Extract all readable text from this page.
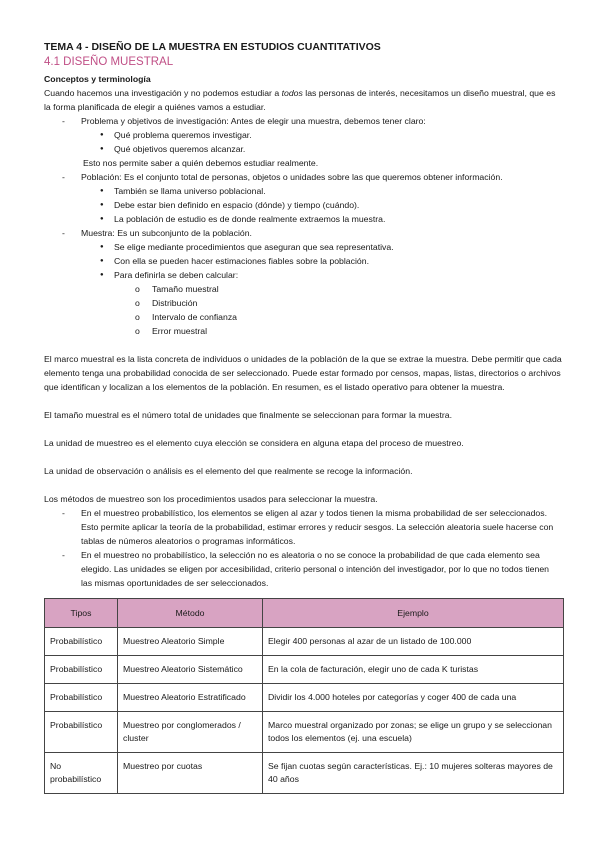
TEMA 4 - DISEÑO DE LA MUESTRA EN ESTUDIOS CUANTITATIVOS

4.1 DISEÑO MUESTRAL

Conceptos y terminología

Cuando hacemos una investigación y no podemos estudiar a todos las personas de interés, necesitamos un diseño muestral, que es la forma planificada de elegir a quiénes vamos a estudiar.

- Problema y objetivos de investigación: Antes de elegir una muestra, debemos tener claro:
● Qué problema queremos investigar.
● Qué objetivos queremos alcanzar.
Esto nos permite saber a quién debemos estudiar realmente.
- Población: Es el conjunto total de personas, objetos o unidades sobre las que queremos obtener información.
● También se llama universo poblacional.
● Debe estar bien definido en espacio (dónde) y tiempo (cuándo).
● La población de estudio es de donde realmente extraemos la muestra.
- Muestra: Es un subconjunto de la población.
● Se elige mediante procedimientos que aseguran que sea representativa.
● Con ella se pueden hacer estimaciones fiables sobre la población.
● Para definirla se deben calcular:
o Tamaño muestral
o Distribución
o Intervalo de confianza
o Error muestral

El marco muestral es la lista concreta de individuos o unidades de la población de la que se extrae la muestra. Debe permitir que cada elemento tenga una probabilidad conocida de ser seleccionado. Puede estar formado por censos, mapas, listas, directorios o archivos que identifican y localizan a los elementos de la población. En resumen, es el listado operativo para obtener la muestra.

El tamaño muestral es el número total de unidades que finalmente se seleccionan para formar la muestra.

La unidad de muestreo es el elemento cuya elección se considera en alguna etapa del proceso de muestreo.

La unidad de observación o análisis es el elemento del que realmente se recoge la información.

Los métodos de muestreo son los procedimientos usados para seleccionar la muestra.

- En el muestreo probabilístico, los elementos se eligen al azar y todos tienen la misma probabilidad de ser seleccionados. Esto permite aplicar la teoría de la probabilidad, estimar errores y reducir sesgos. La selección aleatoria suele hacerse con tablas de números aleatorios o programas informáticos.
- En el muestreo no probabilístico, la selección no es aleatoria o no se conoce la probabilidad de que cada elemento sea elegido. Las unidades se eligen por accesibilidad, criterio personal o intención del investigador, por lo que no todos tienen las mismas oportunidades de ser seleccionados.
Tipos	Método	Ejemplo
Probabilístico	Muestreo Aleatorio Simple	Elegir 400 personas al azar de un listado de 100.000
Probabilístico	Muestreo Aleatorio Sistemático	En la cola de facturación, elegir uno de cada K turistas
Probabilístico	Muestreo Aleatorio Estratificado	Dividir los 4.000 hoteles por categorías y coger 400 de cada una
Probabilístico	Muestreo por conglomerados / cluster	Marco muestral organizado por zonas; se elige un grupo y se seleccionan todos los elementos (ej. una escuela)
No probabilístico	Muestreo por cuotas	Se fijan cuotas según características. Ej.: 10 mujeres solteras mayores de 40 años
